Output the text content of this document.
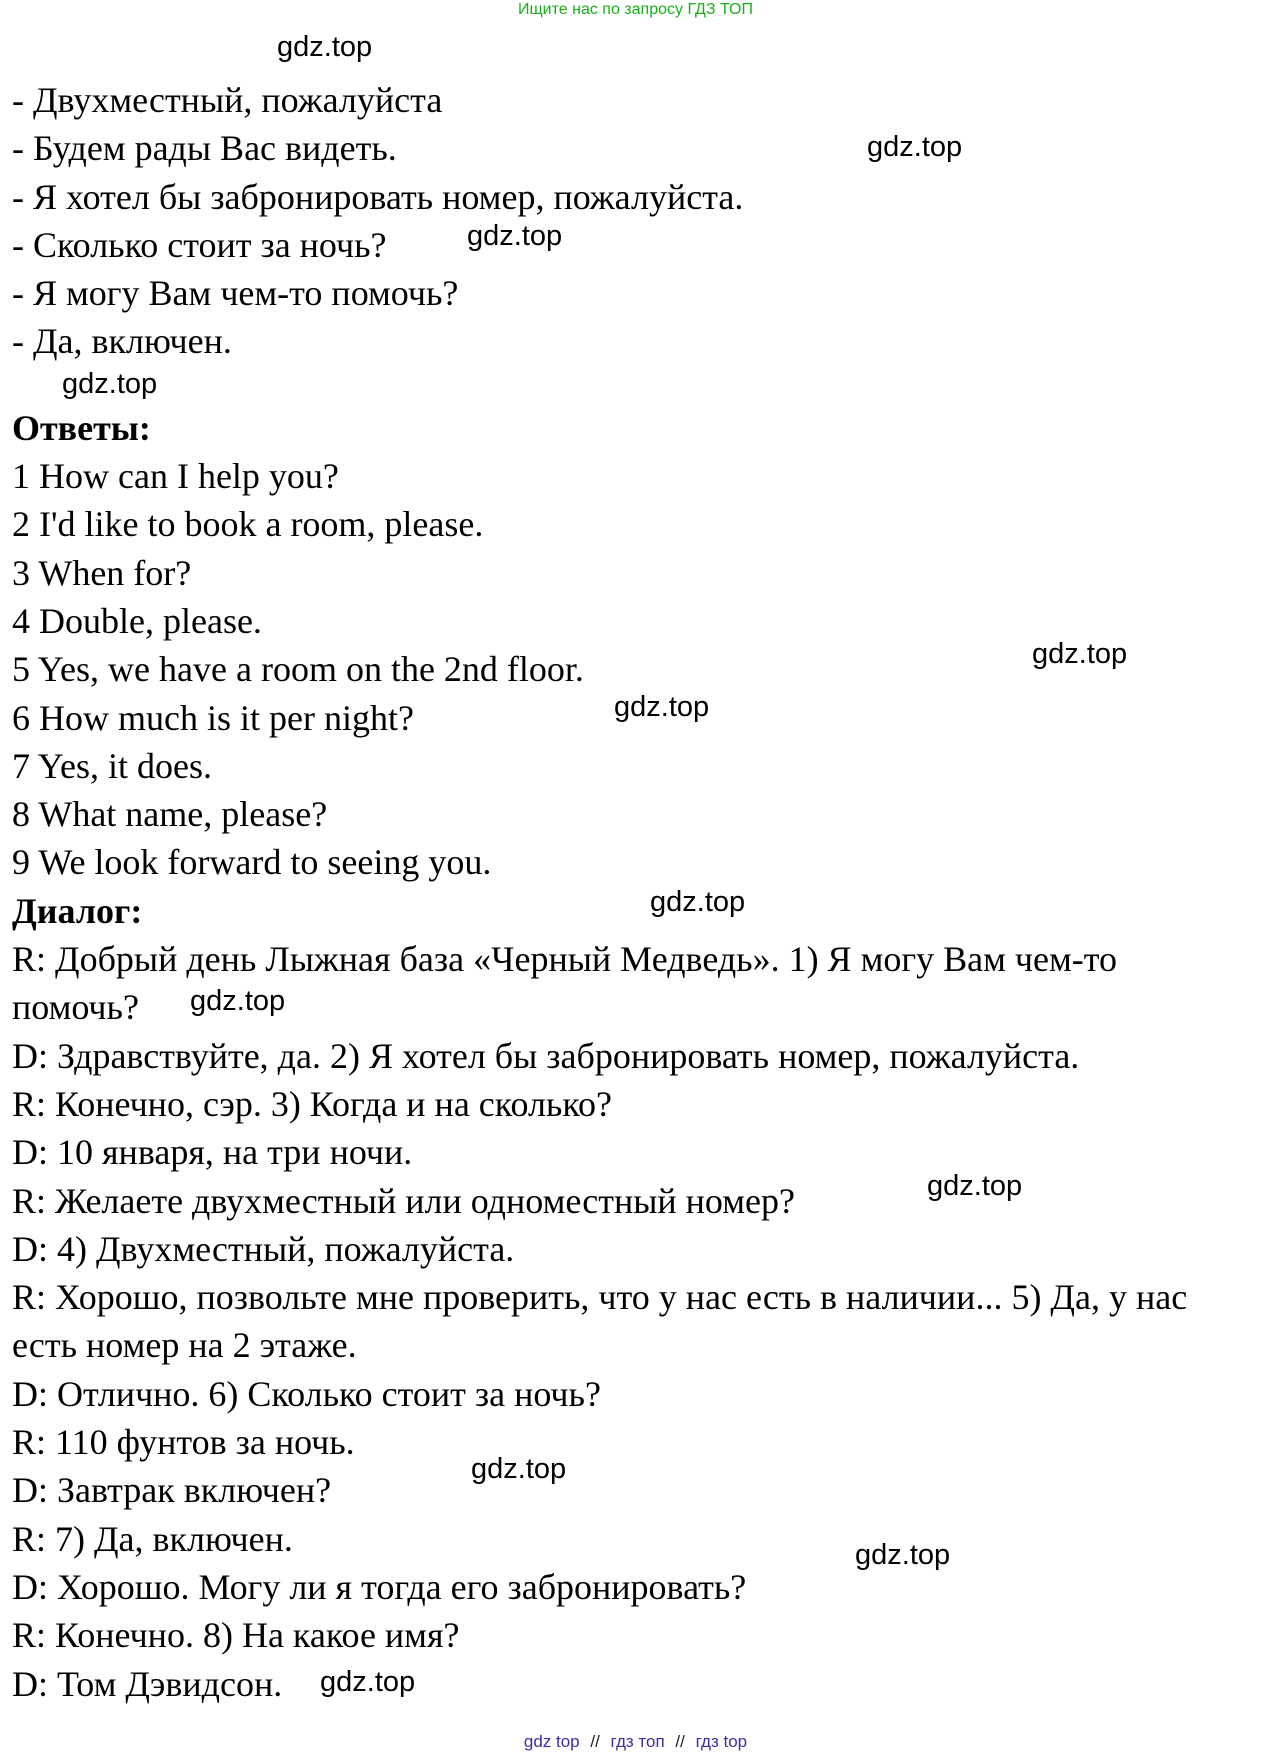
Ищите нас по запросу ГДЗ ТОП
- Двухместный, пожалуйста
- Будем рады Вас видеть.
- Я хотел бы забронировать номер, пожалуйста.
- Сколько стоит за ночь?
- Я могу Вам чем-то помочь?
- Да, включен.
Ответы:
1 How can I help you?
2 I'd like to book a room, please.
3 When for?
4 Double, please.
5 Yes, we have a room on the 2nd floor.
6 How much is it per night?
7 Yes, it does.
8 What name, please?
9 We look forward to seeing you.
Диалог:
R: Добрый день Лыжная база «Черный Медведь». 1) Я могу Вам чем-то помочь?
D: Здравствуйте, да. 2) Я хотел бы забронировать номер, пожалуйста.
R: Конечно, сэр. 3) Когда и на сколько?
D: 10 января, на три ночи.
R: Желаете двухместный или одноместный номер?
D: 4) Двухместный, пожалуйста.
R: Хорошо, позвольте мне проверить, что у нас есть в наличии... 5) Да, у нас есть номер на 2 этаже.
D: Отлично. 6) Сколько стоит за ночь?
R: 110 фунтов за ночь.
D: Завтрак включен?
R: 7) Да, включен.
D: Хорошо. Могу ли я тогда его забронировать?
R: Конечно. 8) На какое имя?
D: Том Дэвидсон.
gdz.top
gdz.top
gdz.top
gdz.top
gdz.top
gdz.top
gdz.top
gdz.top
gdz.top
gdz.top
gdz.top
gdz.top
gdz top // гдз топ // гдз top
